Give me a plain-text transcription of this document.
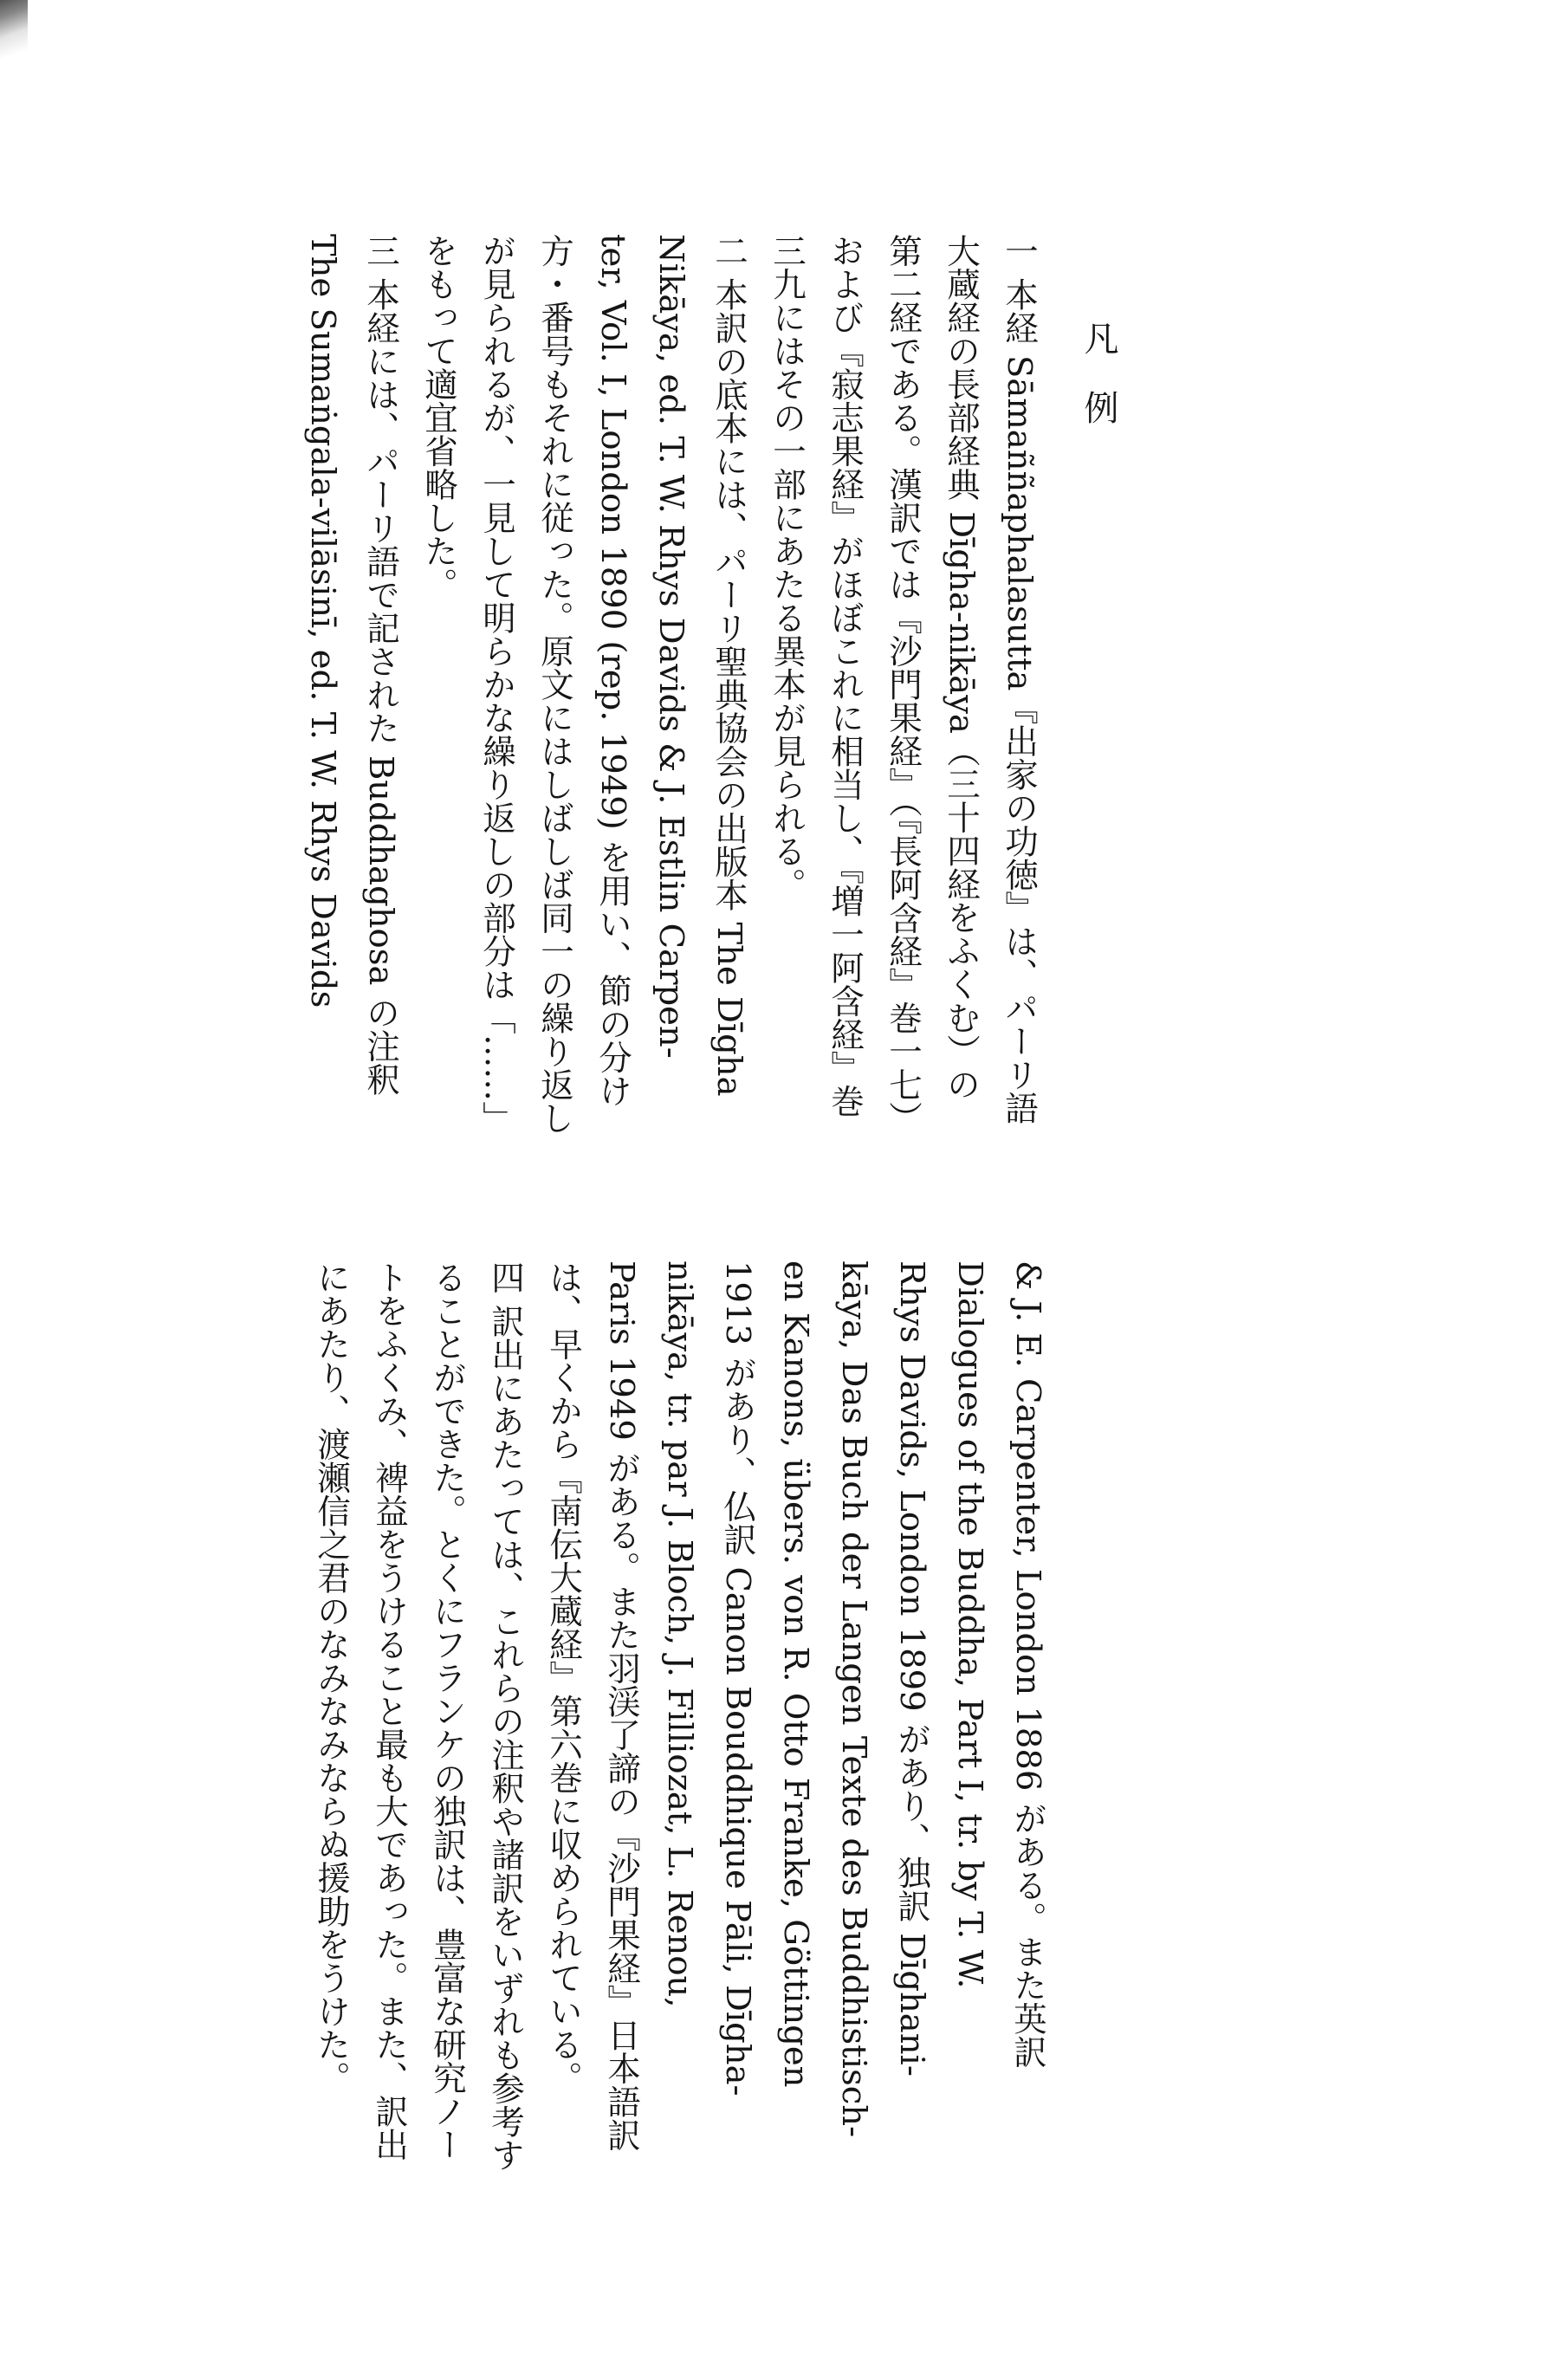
凡例
一 本経 Sāmaññaphalasutta『出家の功徳』は、パーリ語
大蔵経の長部経典 Dīgha-nikāya（三十四経をふくむ）の
第二経である。漢訳では『沙門果経』（『長阿含経』巻一七）
および『寂志果経』がほぼこれに相当し、『増一阿含経』巻
三九にはその一部にあたる異本が見られる。
二 本訳の底本には、パーリ聖典協会の出版本 The Dīgha
Nikāya, ed. T. W. Rhys Davids & J. Estlin Carpen-
ter, Vol. I, London 1890 (rep. 1949) を用い、節の分け
方・番号もそれに従った。原文にはしばしば同一の繰り返し
が見られるが、一見して明らかな繰り返しの部分は「……」
をもって適宜省略した。
三 本経には、パーリ語で記された Buddhaghosa の注釈
The Sumaṅgala-vilāsinī, ed. T. W. Rhys Davids
& J. E. Carpenter, London 1886 がある。また英訳
Dialogues of the Buddha, Part I, tr. by T. W.
Rhys Davids, London 1899 があり、独訳 Dīghani-
kāya, Das Buch der Langen Texte des Buddhistisch-
en Kanons, übers. von R. Otto Franke, Göttingen
1913 があり、仏訳 Canon Bouddhique Pāli, Dīgha-
nikāya, tr. par J. Bloch, J. Filliozat, L. Renou,
Paris 1949 がある。また羽渓了諦の『沙門果経』日本語訳
は、早くから『南伝大蔵経』第六巻に収められている。
四 訳出にあたっては、これらの注釈や諸訳をいずれも参考す
ることができた。とくにフランケの独訳は、豊富な研究ノー
トをふくみ、裨益をうけること最も大であった。また、訳出
にあたり、渡瀬信之君のなみなみならぬ援助をうけた。
